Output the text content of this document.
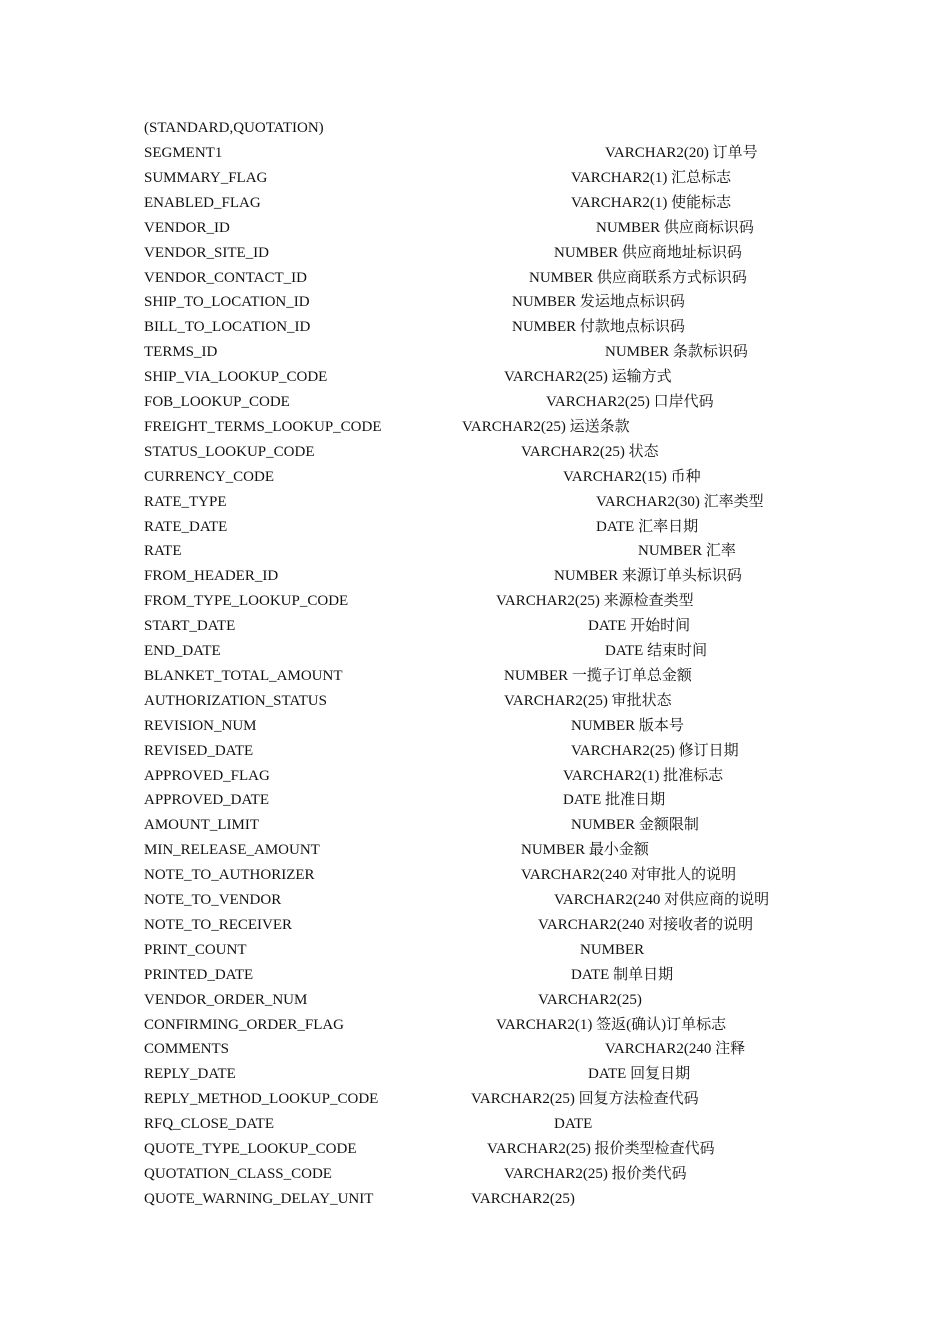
(STANDARD,QUOTATION)
SEGMENT1	VARCHAR2(20) 订单号
SUMMARY_FLAG	VARCHAR2(1) 汇总标志
ENABLED_FLAG	VARCHAR2(1) 使能标志
VENDOR_ID	NUMBER 供应商标识码
VENDOR_SITE_ID	NUMBER 供应商地址标识码
VENDOR_CONTACT_ID	NUMBER 供应商联系方式标识码
SHIP_TO_LOCATION_ID	NUMBER 发运地点标识码
BILL_TO_LOCATION_ID	NUMBER 付款地点标识码
TERMS_ID	NUMBER 条款标识码
SHIP_VIA_LOOKUP_CODE	VARCHAR2(25) 运输方式
FOB_LOOKUP_CODE	VARCHAR2(25) 口岸代码
FREIGHT_TERMS_LOOKUP_CODE	VARCHAR2(25) 运送条款
STATUS_LOOKUP_CODE	VARCHAR2(25) 状态
CURRENCY_CODE	VARCHAR2(15) 币种
RATE_TYPE	VARCHAR2(30) 汇率类型
RATE_DATE	DATE 汇率日期
RATE	NUMBER 汇率
FROM_HEADER_ID	NUMBER 来源订单头标识码
FROM_TYPE_LOOKUP_CODE	VARCHAR2(25) 来源检查类型
START_DATE	DATE 开始时间
END_DATE	DATE 结束时间
BLANKET_TOTAL_AMOUNT	NUMBER 一揽子订单总金额
AUTHORIZATION_STATUS	VARCHAR2(25) 审批状态
REVISION_NUM	NUMBER 版本号
REVISED_DATE	VARCHAR2(25) 修订日期
APPROVED_FLAG	VARCHAR2(1) 批准标志
APPROVED_DATE	DATE 批准日期
AMOUNT_LIMIT	NUMBER 金额限制
MIN_RELEASE_AMOUNT	NUMBER 最小金额
NOTE_TO_AUTHORIZER	VARCHAR2(240 对审批人的说明
NOTE_TO_VENDOR	VARCHAR2(240 对供应商的说明
NOTE_TO_RECEIVER	VARCHAR2(240 对接收者的说明
PRINT_COUNT	NUMBER
PRINTED_DATE	DATE 制单日期
VENDOR_ORDER_NUM	VARCHAR2(25)
CONFIRMING_ORDER_FLAG	VARCHAR2(1) 签返(确认)订单标志
COMMENTS	VARCHAR2(240 注释
REPLY_DATE	DATE 回复日期
REPLY_METHOD_LOOKUP_CODE	VARCHAR2(25) 回复方法检查代码
RFQ_CLOSE_DATE	DATE
QUOTE_TYPE_LOOKUP_CODE	VARCHAR2(25) 报价类型检查代码
QUOTATION_CLASS_CODE	VARCHAR2(25) 报价类代码
QUOTE_WARNING_DELAY_UNIT	VARCHAR2(25)
